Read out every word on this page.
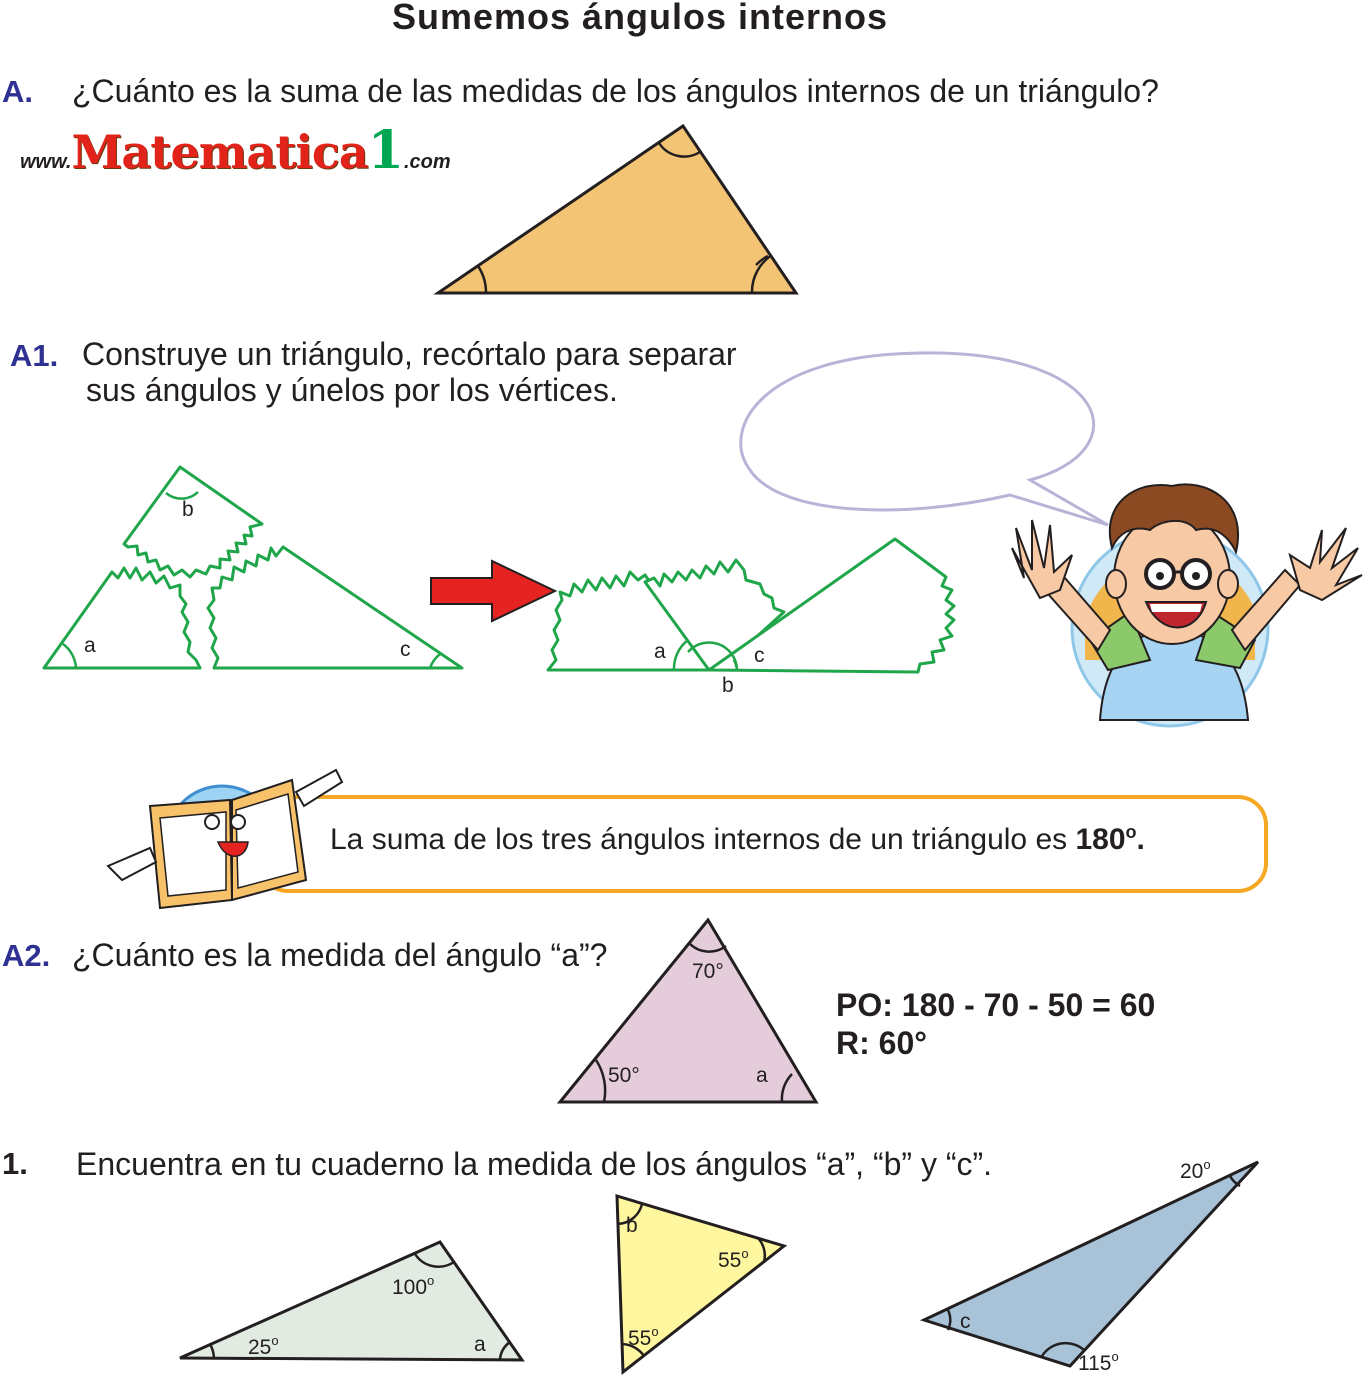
Sumemos ángulos internos
A. ¿Cuánto es la suma de las medidas de los ángulos internos de un triángulo?
www.Matematica1.com
A1. Construye un triángulo, recórtalo para separar
sus ángulos y únelos por los vértices.
La suma de los tres ángulos internos de un triángulo es 180$^o$.
A2. ¿Cuánto es la medida del ángulo “a”?
PO: 180 - 70 - 50 = 60
R: 60°
1. Encuentra en tu cuaderno la medida de los ángulos “a”, “b” y “c”.
b
a	c	a	c
b
70°
50°	a
100$^o$
25$^o$	a
b
55$^o$
55$^o$
20$^o$
c
115$^o$
